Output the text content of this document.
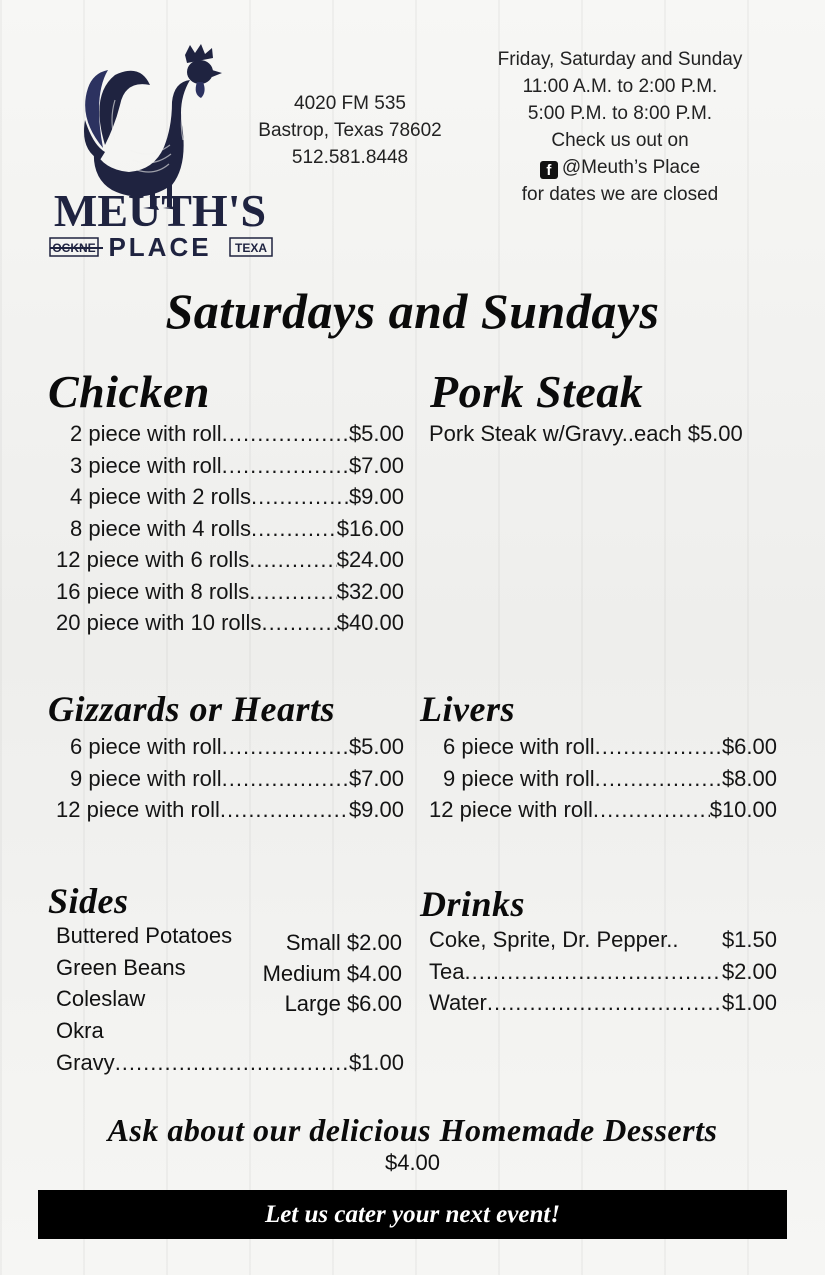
MEUTH'S
OCKNE PLACE TEXA
4020 FM 535
Bastrop, Texas 78602
512.581.8448
Friday, Saturday and Sunday
11:00 A.M. to 2:00 P.M.
5:00 P.M. to 8:00 P.M.
Check us out on
f @Meuth’s Place
for dates we are closed
Saturdays and Sundays
Chicken
2 piece with roll .....	$5.00
3 piece with roll .....	$7.00
4 piece with 2 rolls .....	$9.00
8 piece with 4 rolls .....	$16.00
12 piece with 6 rolls .....	$24.00
16 piece with 8 rolls .....	$32.00
20 piece with 10 rolls .....	$40.00
Pork Steak
Pork Steak w/Gravy..each $5.00
Gizzards or Hearts
6 piece with roll .....	$5.00
9 piece with roll .....	$7.00
12 piece with roll .....	$9.00
Livers
6 piece with roll .....	$6.00
9 piece with roll .....	$8.00
12 piece with roll .....	$10.00
Sides
Buttered Potatoes
Green Beans
Coleslaw
Okra
Small $2.00
Medium $4.00
Large $6.00
Gravy .....	$1.00
Drinks
Coke, Sprite, Dr. Pepper.. $1.50
Tea .....	$2.00
Water .....	$1.00
Ask about our delicious Homemade Desserts
$4.00
Let us cater your next event!
